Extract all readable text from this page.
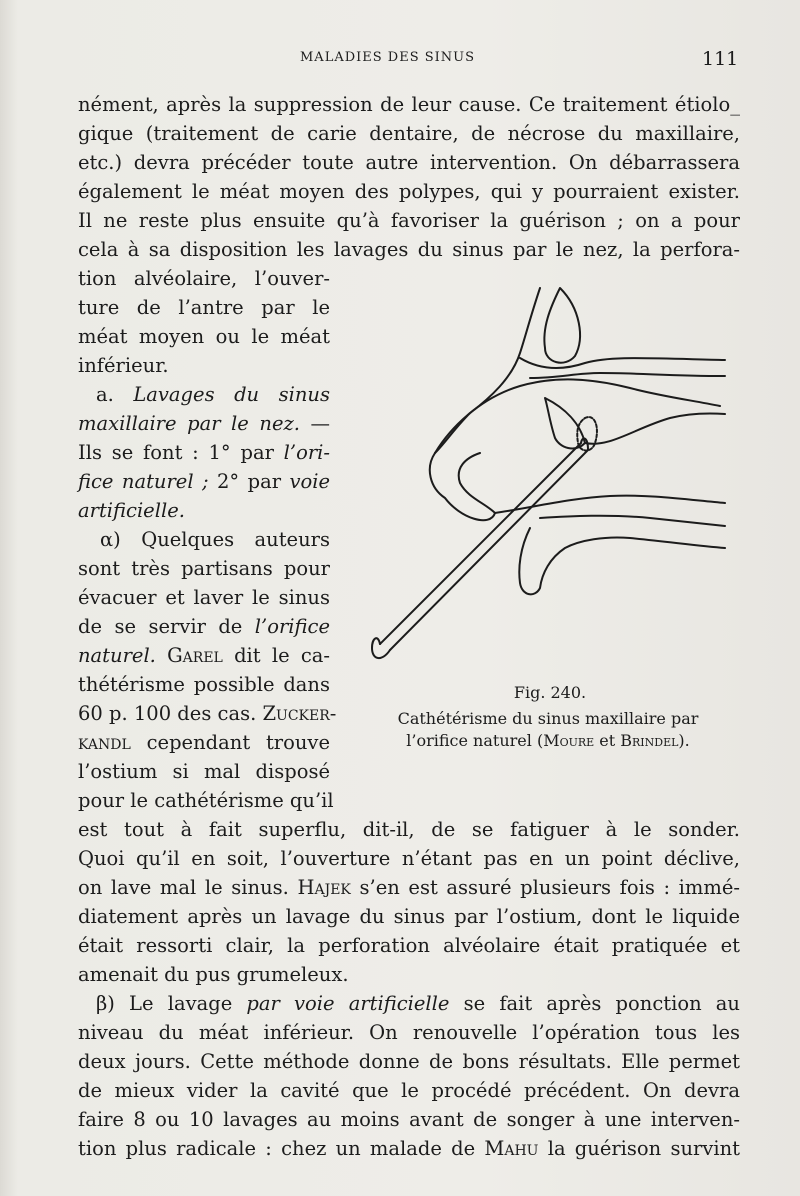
MALADIES DES SINUS	111
nément, après la suppression de leur cause. Ce traitement étiolo_
gique (traitement de carie dentaire, de nécrose du maxillaire,
etc.) devra précéder toute autre intervention. On débarrassera
également le méat moyen des polypes, qui y pourraient exister.
Il ne reste plus ensuite qu’à favoriser la guérison ; on a pour
cela à sa disposition les lavages du sinus par le nez, la perfora-
tion alvéolaire, l’ouver-
ture de l’antre par le
méat moyen ou le méat
inférieur.
a. Lavages du sinus
maxillaire par le nez. —
Ils se font : 1° par l’ori-
fice naturel ; 2° par voie
artificielle.
α) Quelques auteurs
sont très partisans pour
évacuer et laver le sinus
de se servir de l’orifice
naturel. Garel dit le ca-
thétérisme possible dans
60 p. 100 des cas. Zucker-
kandl cependant trouve
l’ostium si mal disposé
pour le cathétérisme qu’il
est tout à fait superflu, dit-il, de se fatiguer à le sonder.
Quoi qu’il en soit, l’ouverture n’étant pas en un point déclive,
on lave mal le sinus. Hajek s’en est assuré plusieurs fois : immé-
diatement après un lavage du sinus par l’ostium, dont le liquide
était ressorti clair, la perforation alvéolaire était pratiquée et
amenait du pus grumeleux.
β) Le lavage par voie artificielle se fait après ponction au
niveau du méat inférieur. On renouvelle l’opération tous les
deux jours. Cette méthode donne de bons résultats. Elle permet
de mieux vider la cavité que le procédé précédent. On devra
faire 8 ou 10 lavages au moins avant de songer à une interven-
tion plus radicale : chez un malade de Mahu la guérison survint
Fig. 240.
Cathétérisme du sinus maxillaire par
l’orifice naturel (Moure et Brindel).
